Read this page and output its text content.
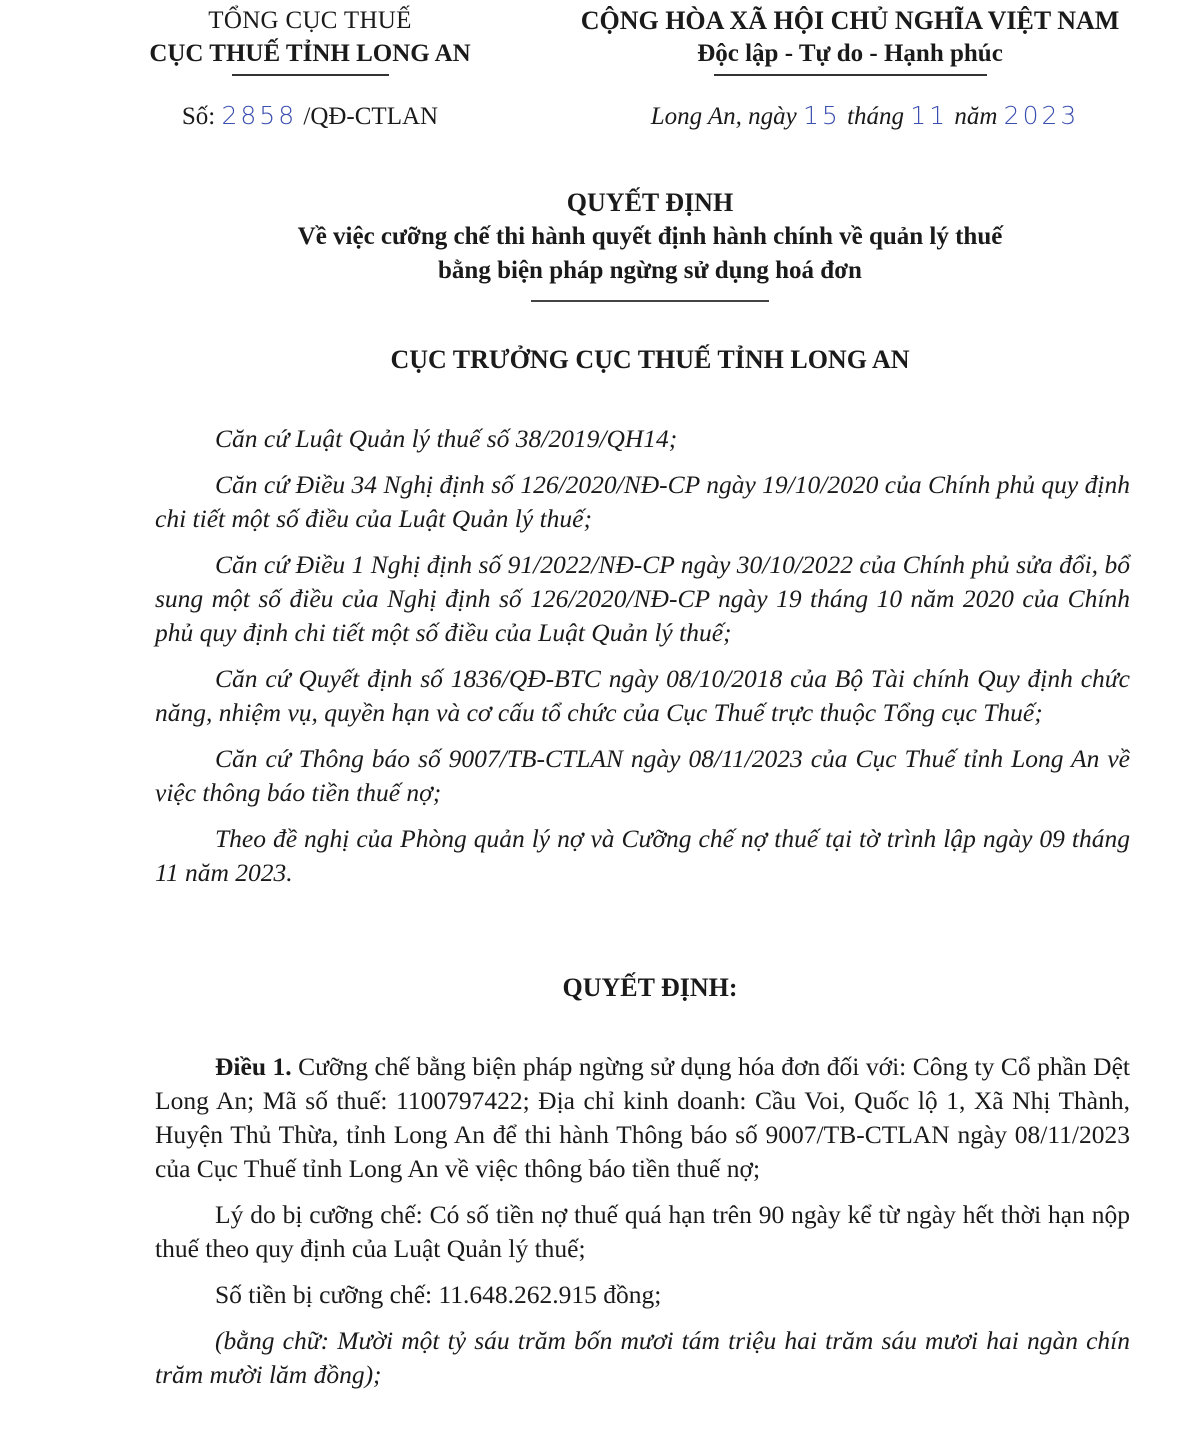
TỔNG CỤC THUẾ
CỤC THUẾ TỈNH LONG AN
CỘNG HÒA XÃ HỘI CHỦ NGHĨA VIỆT NAM
Độc lập - Tự do - Hạnh phúc
Số: 2858 /QĐ-CTLAN	Long An, ngày 15 tháng 11 năm 2023
QUYẾT ĐỊNH
Về việc cưỡng chế thi hành quyết định hành chính về quản lý thuế
bằng biện pháp ngừng sử dụng hoá đơn
CỤC TRƯỞNG CỤC THUẾ TỈNH LONG AN

Căn cứ Luật Quản lý thuế số 38/2019/QH14;

Căn cứ Điều 34 Nghị định số 126/2020/NĐ-CP ngày 19/10/2020 của Chính phủ quy định chi tiết một số điều của Luật Quản lý thuế;

Căn cứ Điều 1 Nghị định số 91/2022/NĐ-CP ngày 30/10/2022 của Chính phủ sửa đổi, bổ sung một số điều của Nghị định số 126/2020/NĐ-CP ngày 19 tháng 10 năm 2020 của Chính phủ quy định chi tiết một số điều của Luật Quản lý thuế;

Căn cứ Quyết định số 1836/QĐ-BTC ngày 08/10/2018 của Bộ Tài chính Quy định chức năng, nhiệm vụ, quyền hạn và cơ cấu tổ chức của Cục Thuế trực thuộc Tổng cục Thuế;

Căn cứ Thông báo số 9007/TB-CTLAN ngày 08/11/2023 của Cục Thuế tỉnh Long An về việc thông báo tiền thuế nợ;

Theo đề nghị của Phòng quản lý nợ và Cưỡng chế nợ thuế tại tờ trình lập ngày 09 tháng 11 năm 2023.

QUYẾT ĐỊNH:

Điều 1. Cưỡng chế bằng biện pháp ngừng sử dụng hóa đơn đối với: Công ty Cổ phần Dệt Long An; Mã số thuế: 1100797422; Địa chỉ kinh doanh: Cầu Voi, Quốc lộ 1, Xã Nhị Thành, Huyện Thủ Thừa, tỉnh Long An để thi hành Thông báo số 9007/TB-CTLAN ngày 08/11/2023 của Cục Thuế tỉnh Long An về việc thông báo tiền thuế nợ;

Lý do bị cưỡng chế: Có số tiền nợ thuế quá hạn trên 90 ngày kể từ ngày hết thời hạn nộp thuế theo quy định của Luật Quản lý thuế;

Số tiền bị cưỡng chế: 11.648.262.915 đồng;

(bằng chữ: Mười một tỷ sáu trăm bốn mươi tám triệu hai trăm sáu mươi hai ngàn chín trăm mười lăm đồng);
